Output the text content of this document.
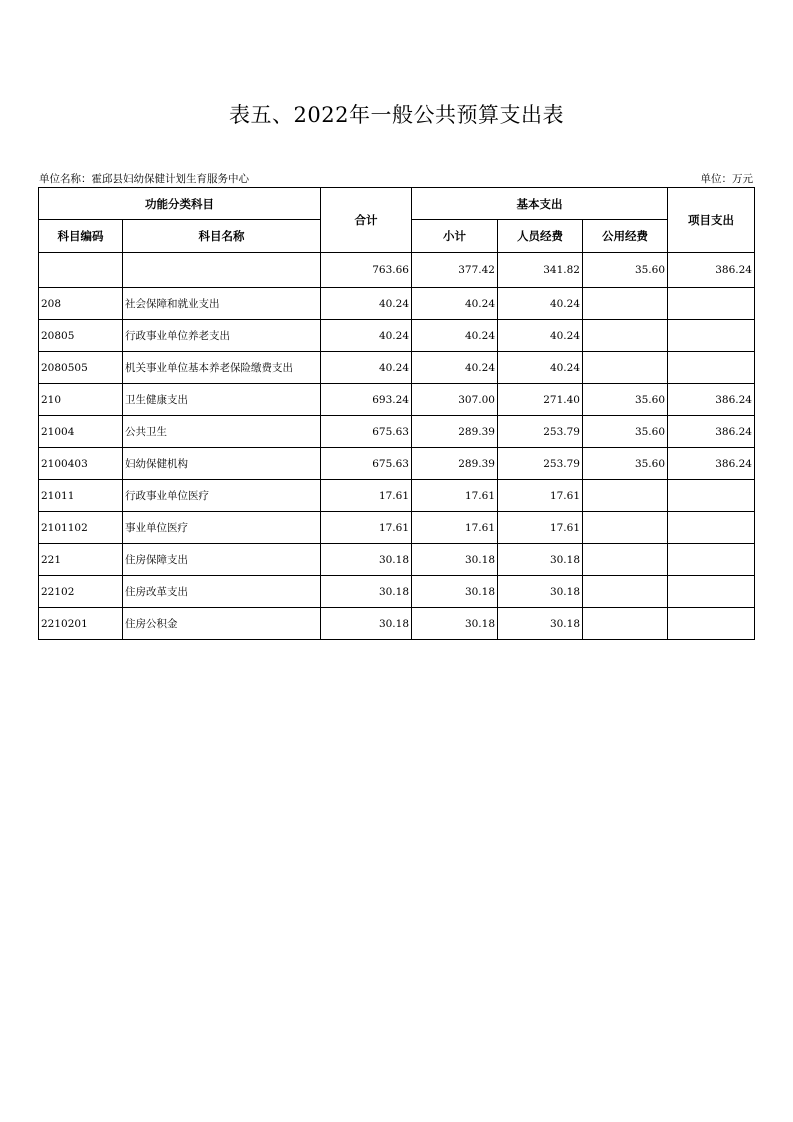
表五、2022年一般公共预算支出表
单位名称：霍邱县妇幼保健计划生育服务中心	单位：万元
功能分类科目		合计	基本支出			项目支出
科目编码	科目名称		小计	人员经费	公用经费	
		763.66	377.42	341.82	35.60	386.24
208	社会保障和就业支出	40.24	40.24	40.24		
20805	行政事业单位养老支出	40.24	40.24	40.24		
2080505	机关事业单位基本养老保险缴费支出	40.24	40.24	40.24		
210	卫生健康支出	693.24	307.00	271.40	35.60	386.24
21004	公共卫生	675.63	289.39	253.79	35.60	386.24
2100403	妇幼保健机构	675.63	289.39	253.79	35.60	386.24
21011	行政事业单位医疗	17.61	17.61	17.61		
2101102	事业单位医疗	17.61	17.61	17.61		
221	住房保障支出	30.18	30.18	30.18		
22102	住房改革支出	30.18	30.18	30.18		
2210201	住房公积金	30.18	30.18	30.18		
